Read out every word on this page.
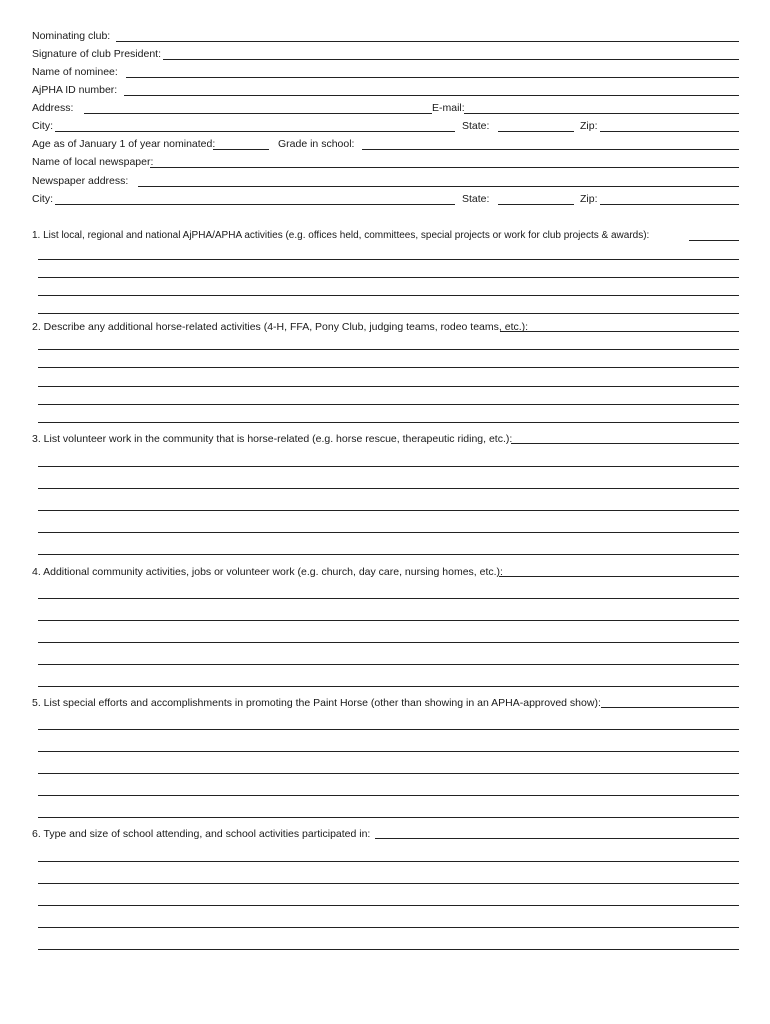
Nominating club:
Signature of club President:
Name of nominee:
AjPHA ID number:
Address:	E-mail:
City:	State:	Zip:
Age as of January 1 of year nominated:	Grade in school:
Name of local newspaper:
Newspaper address:
City:	State:	Zip:
1. List local, regional and national AjPHA/APHA activities (e.g. offices held, committees, special projects or work for club projects & awards):
2. Describe any additional horse-related activities (4-H, FFA, Pony Club, judging teams, rodeo teams, etc.):
3. List volunteer work in the community that is horse-related (e.g. horse rescue, therapeutic riding, etc.):
4. Additional community activities, jobs or volunteer work (e.g. church, day care, nursing homes, etc.):
5. List special efforts and accomplishments in promoting the Paint Horse (other than showing in an APHA-approved show):
6. Type and size of school attending, and school activities participated in:
